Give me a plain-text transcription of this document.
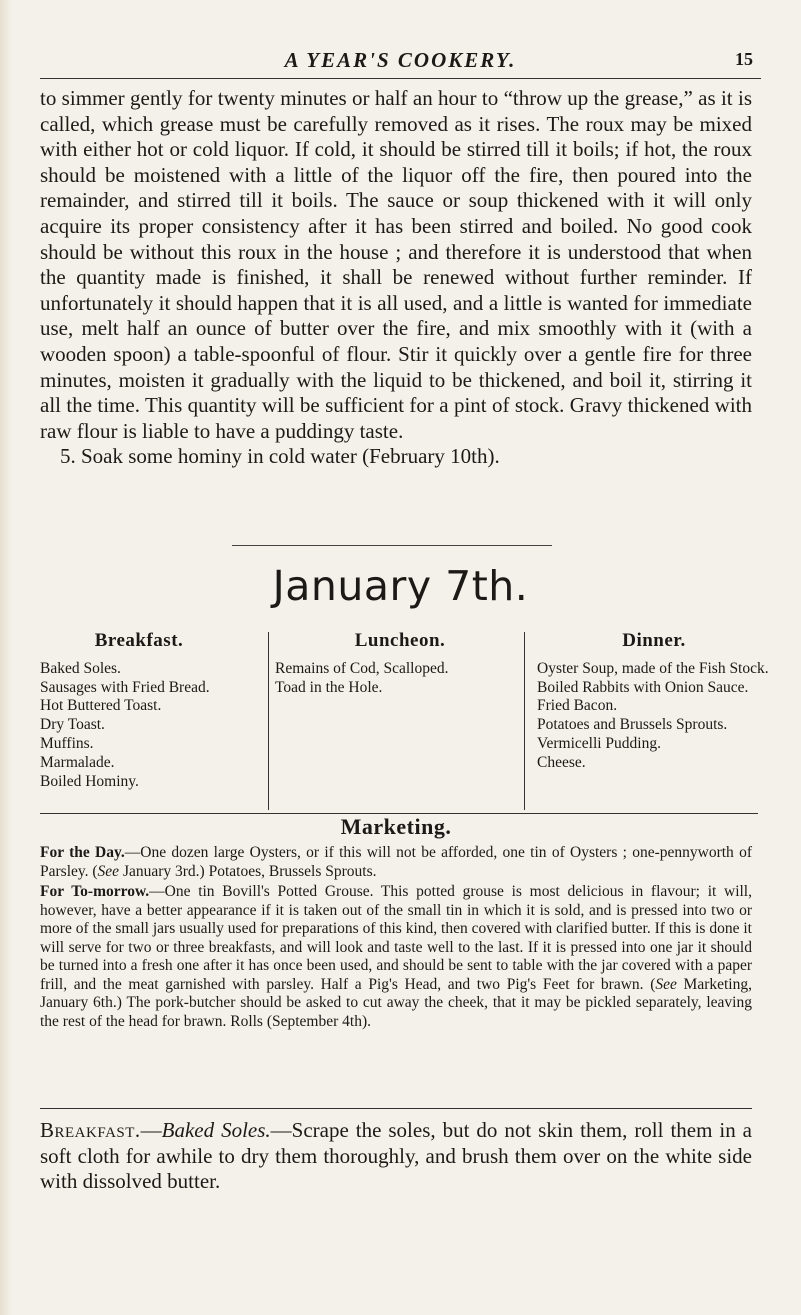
A YEAR'S COOKERY.	15

to simmer gently for twenty minutes or half an hour to “throw up the grease,” as it is called, which grease must be carefully removed as it rises. The roux may be mixed with either hot or cold liquor. If cold, it should be stirred till it boils; if hot, the roux should be moistened with a little of the liquor off the fire, then poured into the remainder, and stirred till it boils. The sauce or soup thickened with it will only acquire its proper consistency after it has been stirred and boiled. No good cook should be without this roux in the house ; and therefore it is understood that when the quantity made is finished, it shall be renewed without further reminder. If unfortunately it should happen that it is all used, and a little is wanted for immediate use, melt half an ounce of butter over the fire, and mix smoothly with it (with a wooden spoon) a table-spoonful of flour. Stir it quickly over a gentle fire for three minutes, moisten it gradually with the liquid to be thickened, and boil it, stirring it all the time. This quantity will be sufficient for a pint of stock. Gravy thickened with raw flour is liable to have a puddingy taste.

5. Soak some hominy in cold water (February 10th).

January 7th.
Breakfast.
Baked Soles.
Sausages with Fried Bread.
Hot Buttered Toast.
Dry Toast.
Muffins.
Marmalade.
Boiled Hominy.
Luncheon.
Remains of Cod, Scalloped.
Toad in the Hole.
Dinner.
Oyster Soup, made of the Fish Stock.
Boiled Rabbits with Onion Sauce.
Fried Bacon.
Potatoes and Brussels Sprouts.
Vermicelli Pudding.
Cheese.
Marketing.

For the Day.—One dozen large Oysters, or if this will not be afforded, one tin of Oysters ; one-pennyworth of Parsley. (See January 3rd.) Potatoes, Brussels Sprouts.

For To-morrow.—One tin Bovill's Potted Grouse. This potted grouse is most delicious in flavour; it will, however, have a better appearance if it is taken out of the small tin in which it is sold, and is pressed into two or more of the small jars usually used for preparations of this kind, then covered with clarified butter. If this is done it will serve for two or three breakfasts, and will look and taste well to the last. If it is pressed into one jar it should be turned into a fresh one after it has once been used, and should be sent to table with the jar covered with a paper frill, and the meat garnished with parsley. Half a Pig's Head, and two Pig's Feet for brawn. (See Marketing, January 6th.) The pork-butcher should be asked to cut away the cheek, that it may be pickled separately, leaving the rest of the head for brawn. Rolls (September 4th).

Breakfast.—Baked Soles.—Scrape the soles, but do not skin them, roll them in a soft cloth for awhile to dry them thoroughly, and brush them over on the white side with dissolved butter.
